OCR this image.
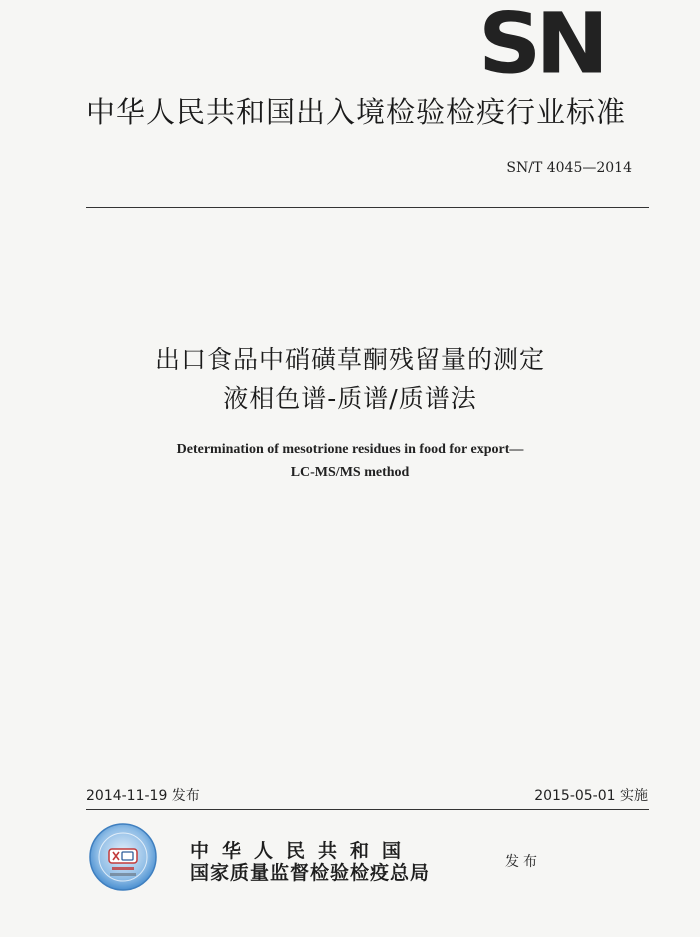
SN
中华人民共和国出入境检验检疫行业标准
SN/T 4045—2014
出口食品中硝磺草酮残留量的测定
液相色谱-质谱/质谱法
Determination of mesotrione residues in food for export—
LC-MS/MS method
2014-11-19 发布	2015-05-01 实施
中华人民共和国
国家质量监督检验检疫总局	发布
